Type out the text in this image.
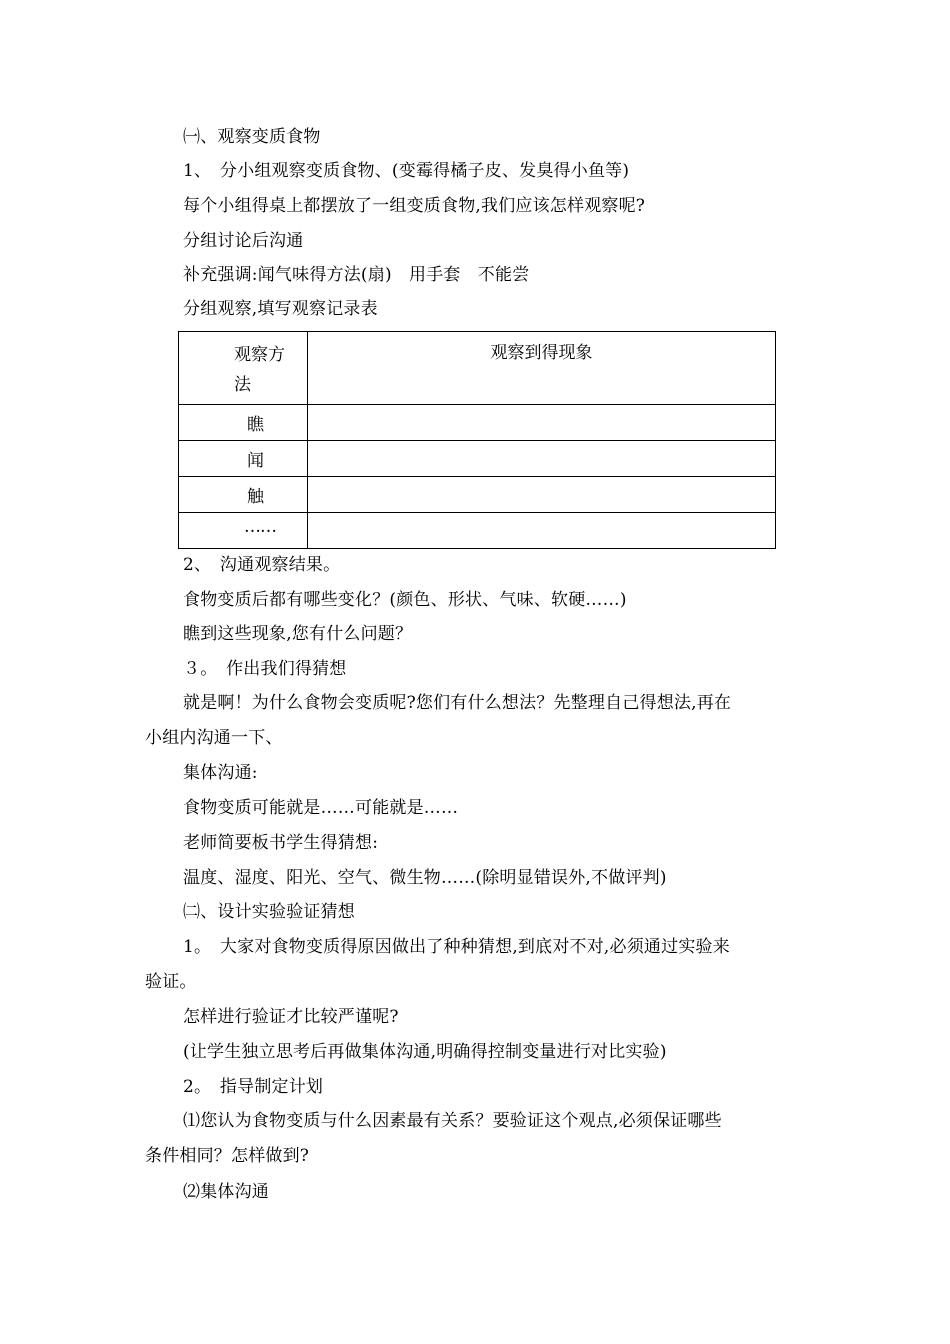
㈠、观察变质食物
1、　分小组观察变质食物、(变霉得橘子皮、发臭得小鱼等)
每个小组得桌上都摆放了一组变质食物,我们应该怎样观察呢?
分组讨论后沟通
补充强调:闻气味得方法(扇)　用手套　不能尝
分组观察,填写观察记录表
观察方
法	观察到得现象

瞧	

闻	

触	

……	

2、　沟通观察结果。
食物变质后都有哪些变化？(颜色、形状、气味、软硬……)
瞧到这些现象,您有什么问题？
３。　作出我们得猜想
就是啊！为什么食物会变质呢?您们有什么想法？先整理自己得想法,再在
小组内沟通一下、
集体沟通:
食物变质可能就是……可能就是……
老师简要板书学生得猜想:
温度、湿度、阳光、空气、微生物……(除明显错误外,不做评判)
㈡、设计实验验证猜想
1。　大家对食物变质得原因做出了种种猜想,到底对不对,必须通过实验来
验证。
怎样进行验证才比较严谨呢?
(让学生独立思考后再做集体沟通,明确得控制变量进行对比实验)
2。　指导制定计划
⑴您认为食物变质与什么因素最有关系？要验证这个观点,必须保证哪些
条件相同？怎样做到?
⑵集体沟通
